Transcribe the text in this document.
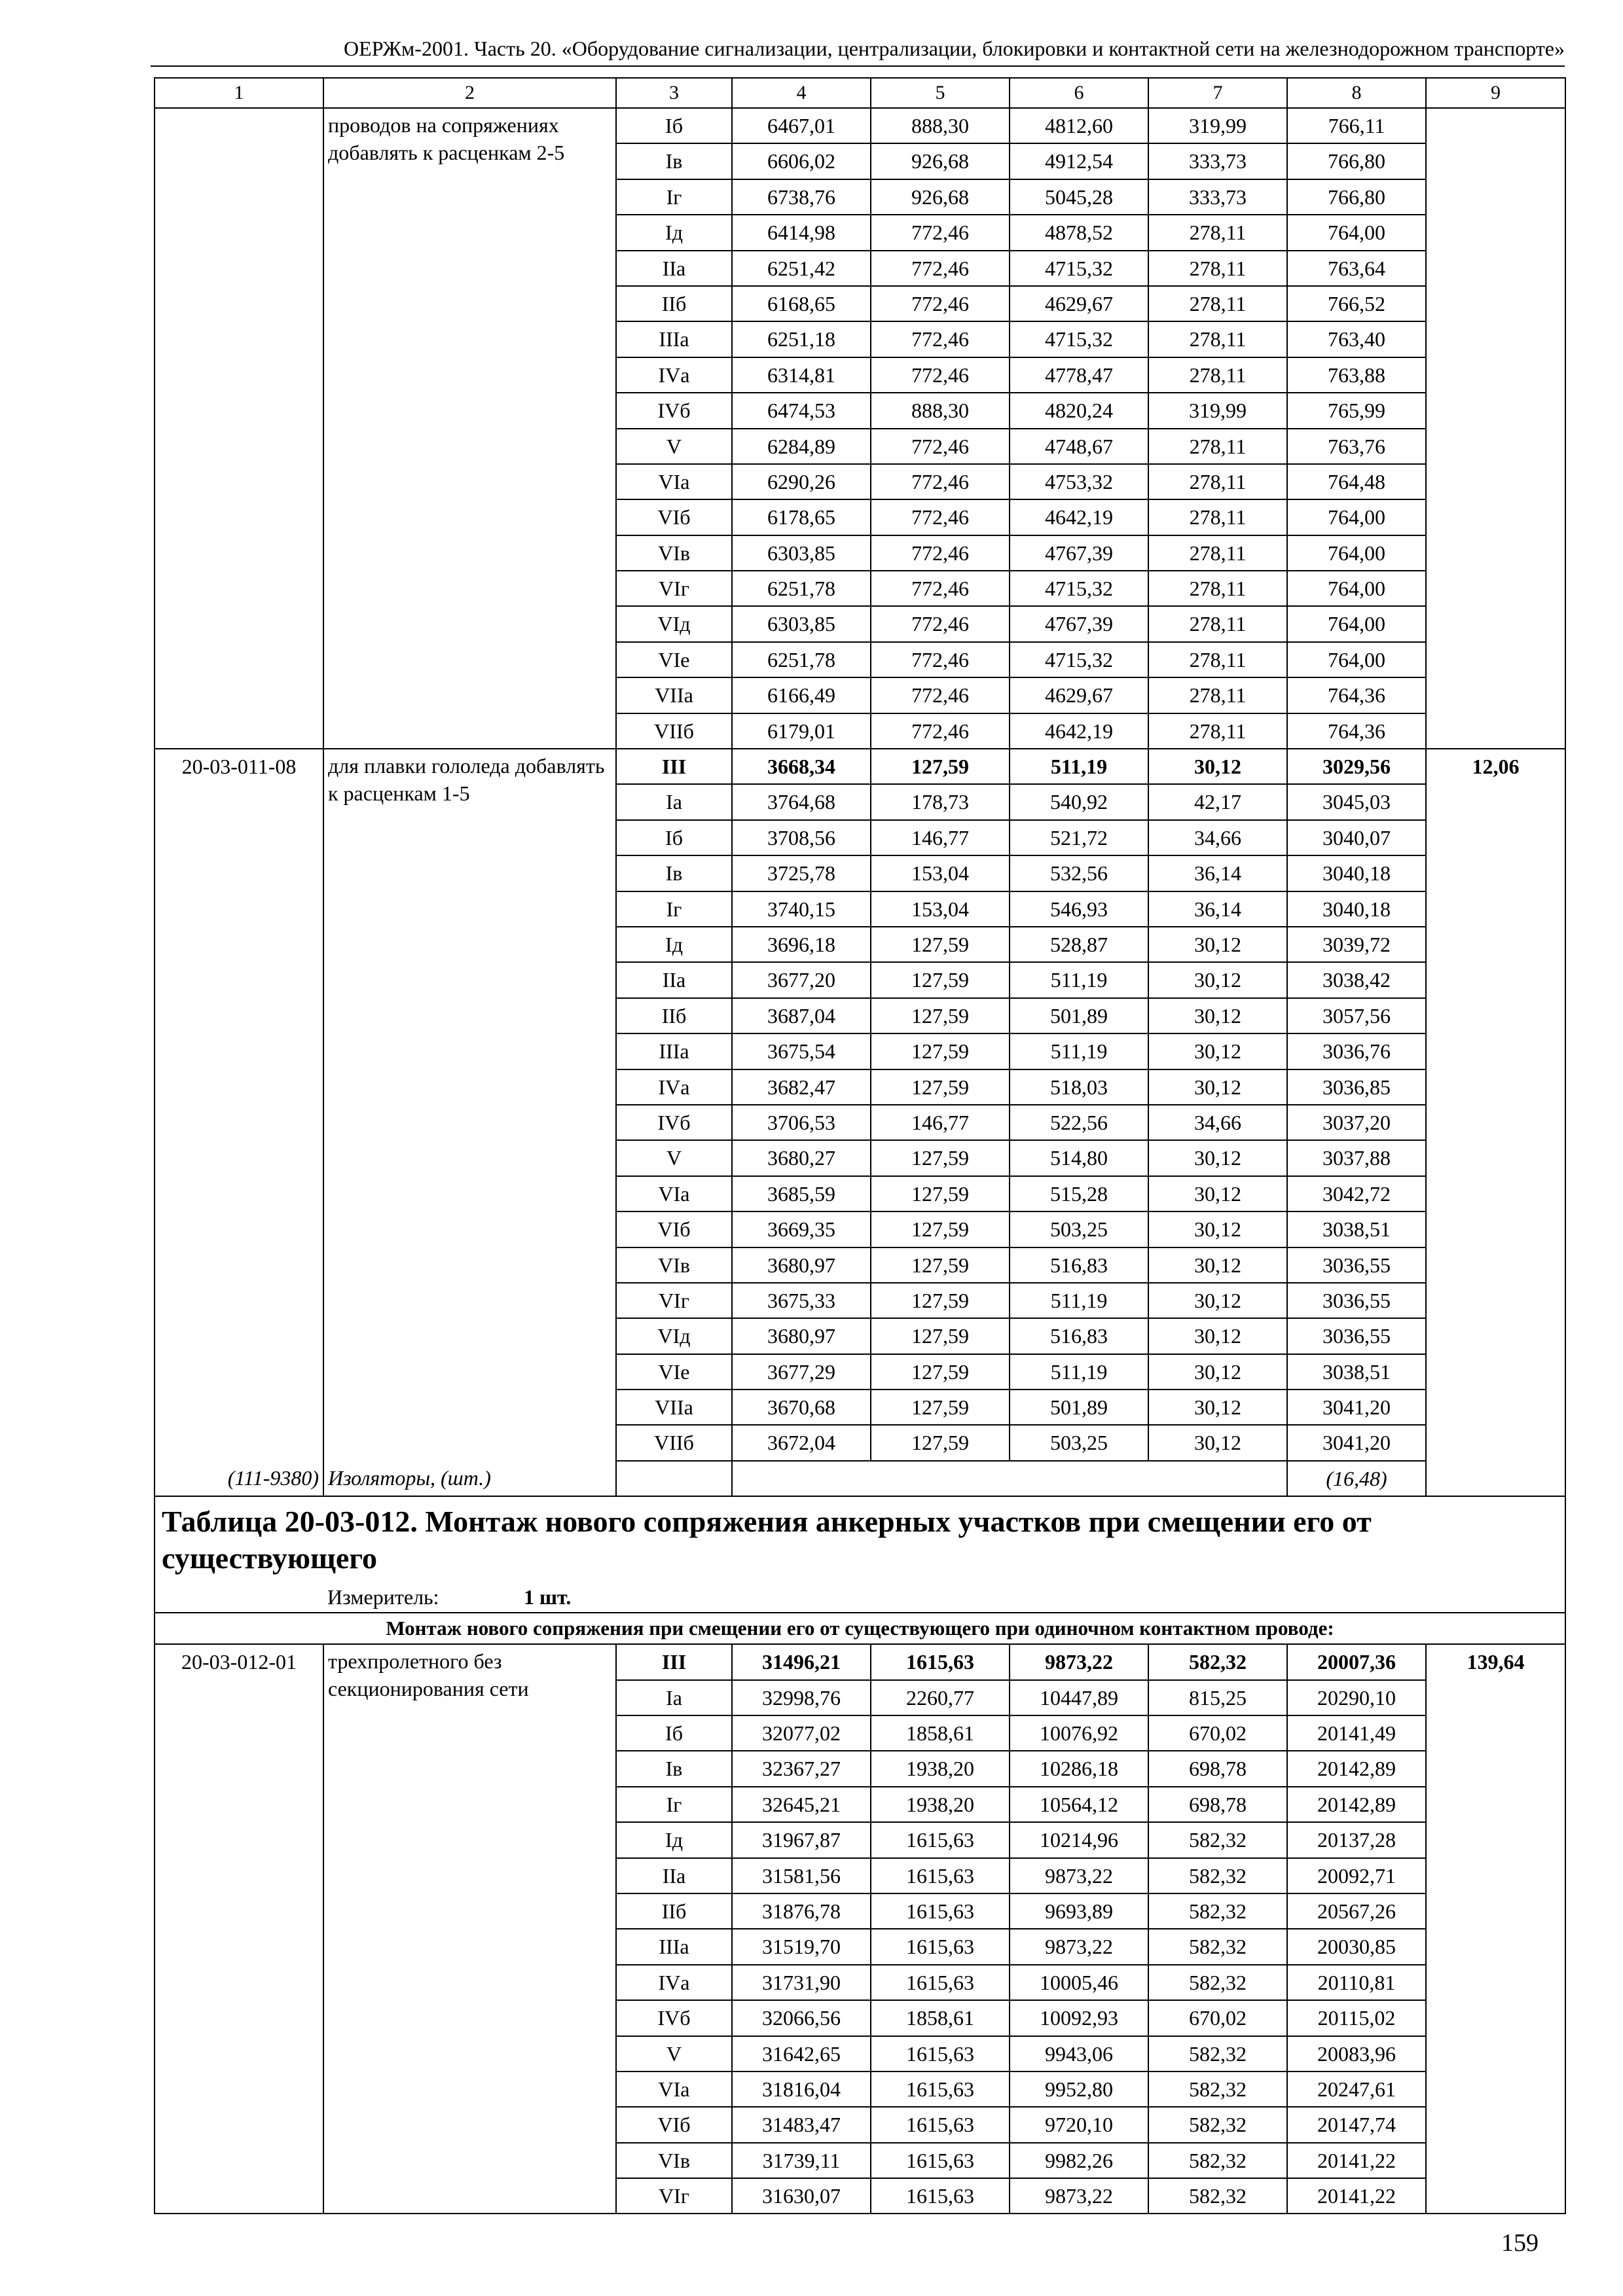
ОЕРЖм-2001. Часть 20. «Оборудование сигнализации, централизации, блокировки и контактной сети на железнодорожном транспорте»
1	2	3	4	5	6	7	8	9
	проводов на сопряжениях добавлять к расценкам 2-5	Iб	6467,01	888,30	4812,60	319,99	766,11	
		Iв	6606,02	926,68	4912,54	333,73	766,80	
		Iг	6738,76	926,68	5045,28	333,73	766,80	
		Iд	6414,98	772,46	4878,52	278,11	764,00	
		IIа	6251,42	772,46	4715,32	278,11	763,64	
		IIб	6168,65	772,46	4629,67	278,11	766,52	
		IIIа	6251,18	772,46	4715,32	278,11	763,40	
		IVа	6314,81	772,46	4778,47	278,11	763,88	
		IVб	6474,53	888,30	4820,24	319,99	765,99	
		V	6284,89	772,46	4748,67	278,11	763,76	
		VIа	6290,26	772,46	4753,32	278,11	764,48	
		VIб	6178,65	772,46	4642,19	278,11	764,00	
		VIв	6303,85	772,46	4767,39	278,11	764,00	
		VIг	6251,78	772,46	4715,32	278,11	764,00	
		VIд	6303,85	772,46	4767,39	278,11	764,00	
		VIе	6251,78	772,46	4715,32	278,11	764,00	
		VIIа	6166,49	772,46	4629,67	278,11	764,36	
		VIIб	6179,01	772,46	4642,19	278,11	764,36	
20-03-011-08	для плавки гололеда добавлять к расценкам 1-5	III	3668,34	127,59	511,19	30,12	3029,56	12,06
		Iа	3764,68	178,73	540,92	42,17	3045,03	
		Iб	3708,56	146,77	521,72	34,66	3040,07	
		Iв	3725,78	153,04	532,56	36,14	3040,18	
		Iг	3740,15	153,04	546,93	36,14	3040,18	
		Iд	3696,18	127,59	528,87	30,12	3039,72	
		IIа	3677,20	127,59	511,19	30,12	3038,42	
		IIб	3687,04	127,59	501,89	30,12	3057,56	
		IIIа	3675,54	127,59	511,19	30,12	3036,76	
		IVа	3682,47	127,59	518,03	30,12	3036,85	
		IVб	3706,53	146,77	522,56	34,66	3037,20	
		V	3680,27	127,59	514,80	30,12	3037,88	
		VIа	3685,59	127,59	515,28	30,12	3042,72	
		VIб	3669,35	127,59	503,25	30,12	3038,51	
		VIв	3680,97	127,59	516,83	30,12	3036,55	
		VIг	3675,33	127,59	511,19	30,12	3036,55	
		VIд	3680,97	127,59	516,83	30,12	3036,55	
		VIе	3677,29	127,59	511,19	30,12	3038,51	
		VIIа	3670,68	127,59	501,89	30,12	3041,20	
		VIIб	3672,04	127,59	503,25	30,12	3041,20	
(111-9380)	Изоляторы, (шт.)						(16,48)	
Таблица 20-03-012. Монтаж нового сопряжения анкерных участков при смещении его от существующего								
	Измеритель: 1 шт.							
Монтаж нового сопряжения при смещении его от существующего при одиночном контактном проводе:								
20-03-012-01	трехпролетного без секционирования сети	III	31496,21	1615,63	9873,22	582,32	20007,36	139,64
		Iа	32998,76	2260,77	10447,89	815,25	20290,10	
		Iб	32077,02	1858,61	10076,92	670,02	20141,49	
		Iв	32367,27	1938,20	10286,18	698,78	20142,89	
		Iг	32645,21	1938,20	10564,12	698,78	20142,89	
		Iд	31967,87	1615,63	10214,96	582,32	20137,28	
		IIа	31581,56	1615,63	9873,22	582,32	20092,71	
		IIб	31876,78	1615,63	9693,89	582,32	20567,26	
		IIIа	31519,70	1615,63	9873,22	582,32	20030,85	
		IVа	31731,90	1615,63	10005,46	582,32	20110,81	
		IVб	32066,56	1858,61	10092,93	670,02	20115,02	
		V	31642,65	1615,63	9943,06	582,32	20083,96	
		VIа	31816,04	1615,63	9952,80	582,32	20247,61	
		VIб	31483,47	1615,63	9720,10	582,32	20147,74	
		VIв	31739,11	1615,63	9982,26	582,32	20141,22	
		VIг	31630,07	1615,63	9873,22	582,32	20141,22	
159
